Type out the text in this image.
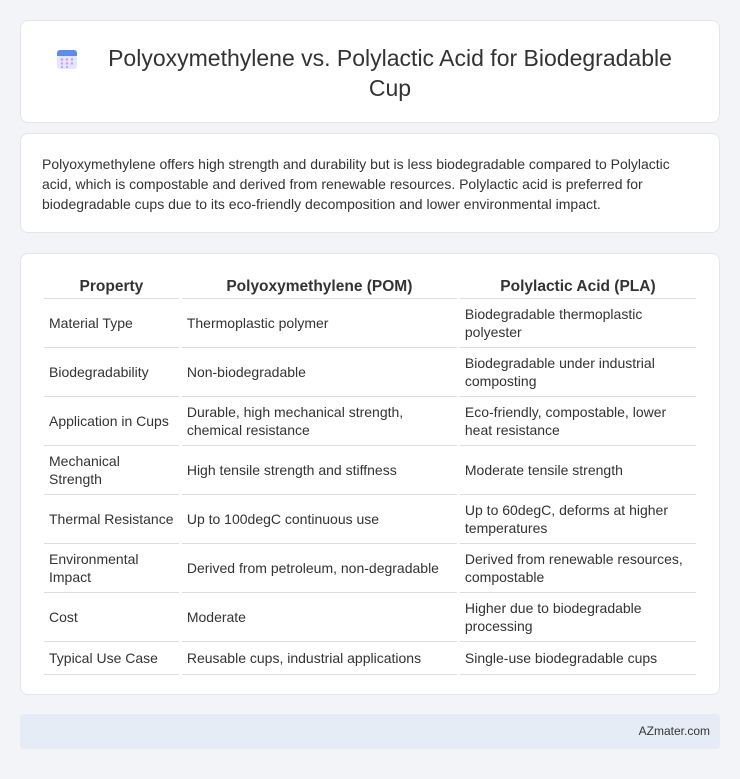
Polyoxymethylene vs. Polylactic Acid for Biodegradable Cup

Polyoxymethylene offers high strength and durability but is less biodegradable compared to Polylactic acid, which is compostable and derived from renewable resources. Polylactic acid is preferred for biodegradable cups due to its eco-friendly decomposition and lower environmental impact.

Property	Polyoxymethylene (POM)	Polylactic Acid (PLA)
Material Type	Thermoplastic polymer	Biodegradable thermoplastic polyester
Biodegradability	Non-biodegradable	Biodegradable under industrial composting
Application in Cups	Durable, high mechanical strength, chemical resistance	Eco-friendly, compostable, lower heat resistance
Mechanical Strength	High tensile strength and stiffness	Moderate tensile strength
Thermal Resistance	Up to 100degC continuous use	Up to 60degC, deforms at higher temperatures
Environmental Impact	Derived from petroleum, non-degradable	Derived from renewable resources, compostable
Cost	Moderate	Higher due to biodegradable processing
Typical Use Case	Reusable cups, industrial applications	Single-use biodegradable cups
AZmater.com
